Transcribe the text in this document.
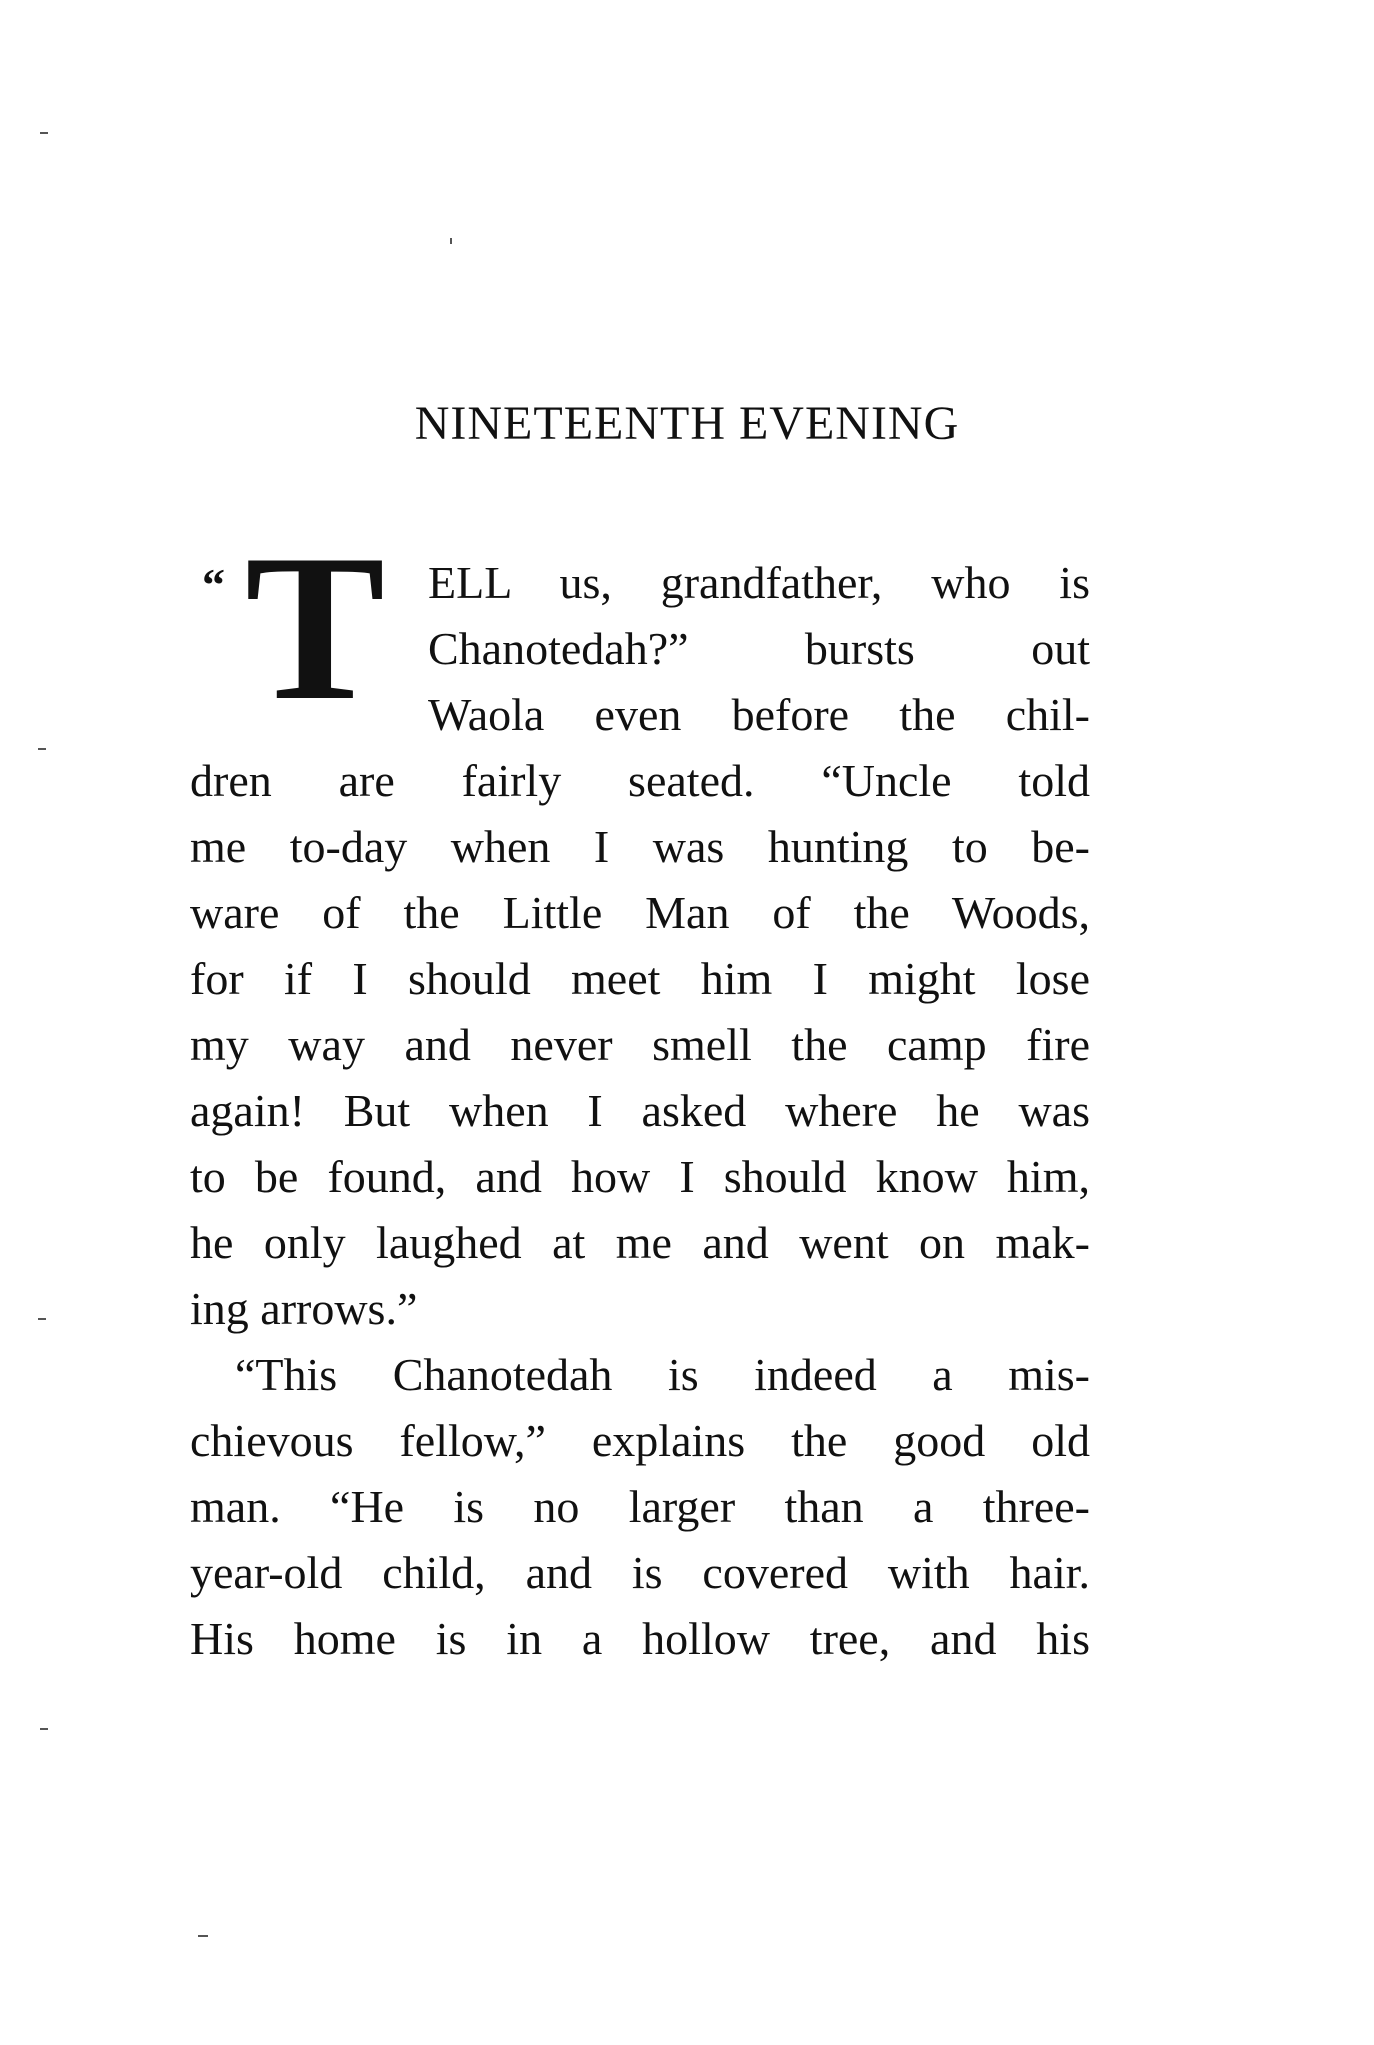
NINETEENTH EVENING
“ T ELL us, grandfather, who is
Chanotedah?” bursts out
Waola even before the chil-
dren are fairly seated. “Uncle told
me to-day when I was hunting to be-
ware of the Little Man of the Woods,
for if I should meet him I might lose
my way and never smell the camp fire
again! But when I asked where he was
to be found, and how I should know him,
he only laughed at me and went on mak-
ing arrows.”
“This Chanotedah is indeed a mis-
chievous fellow,” explains the good old
man. “He is no larger than a three-
year-old child, and is covered with hair.
His home is in a hollow tree, and his
